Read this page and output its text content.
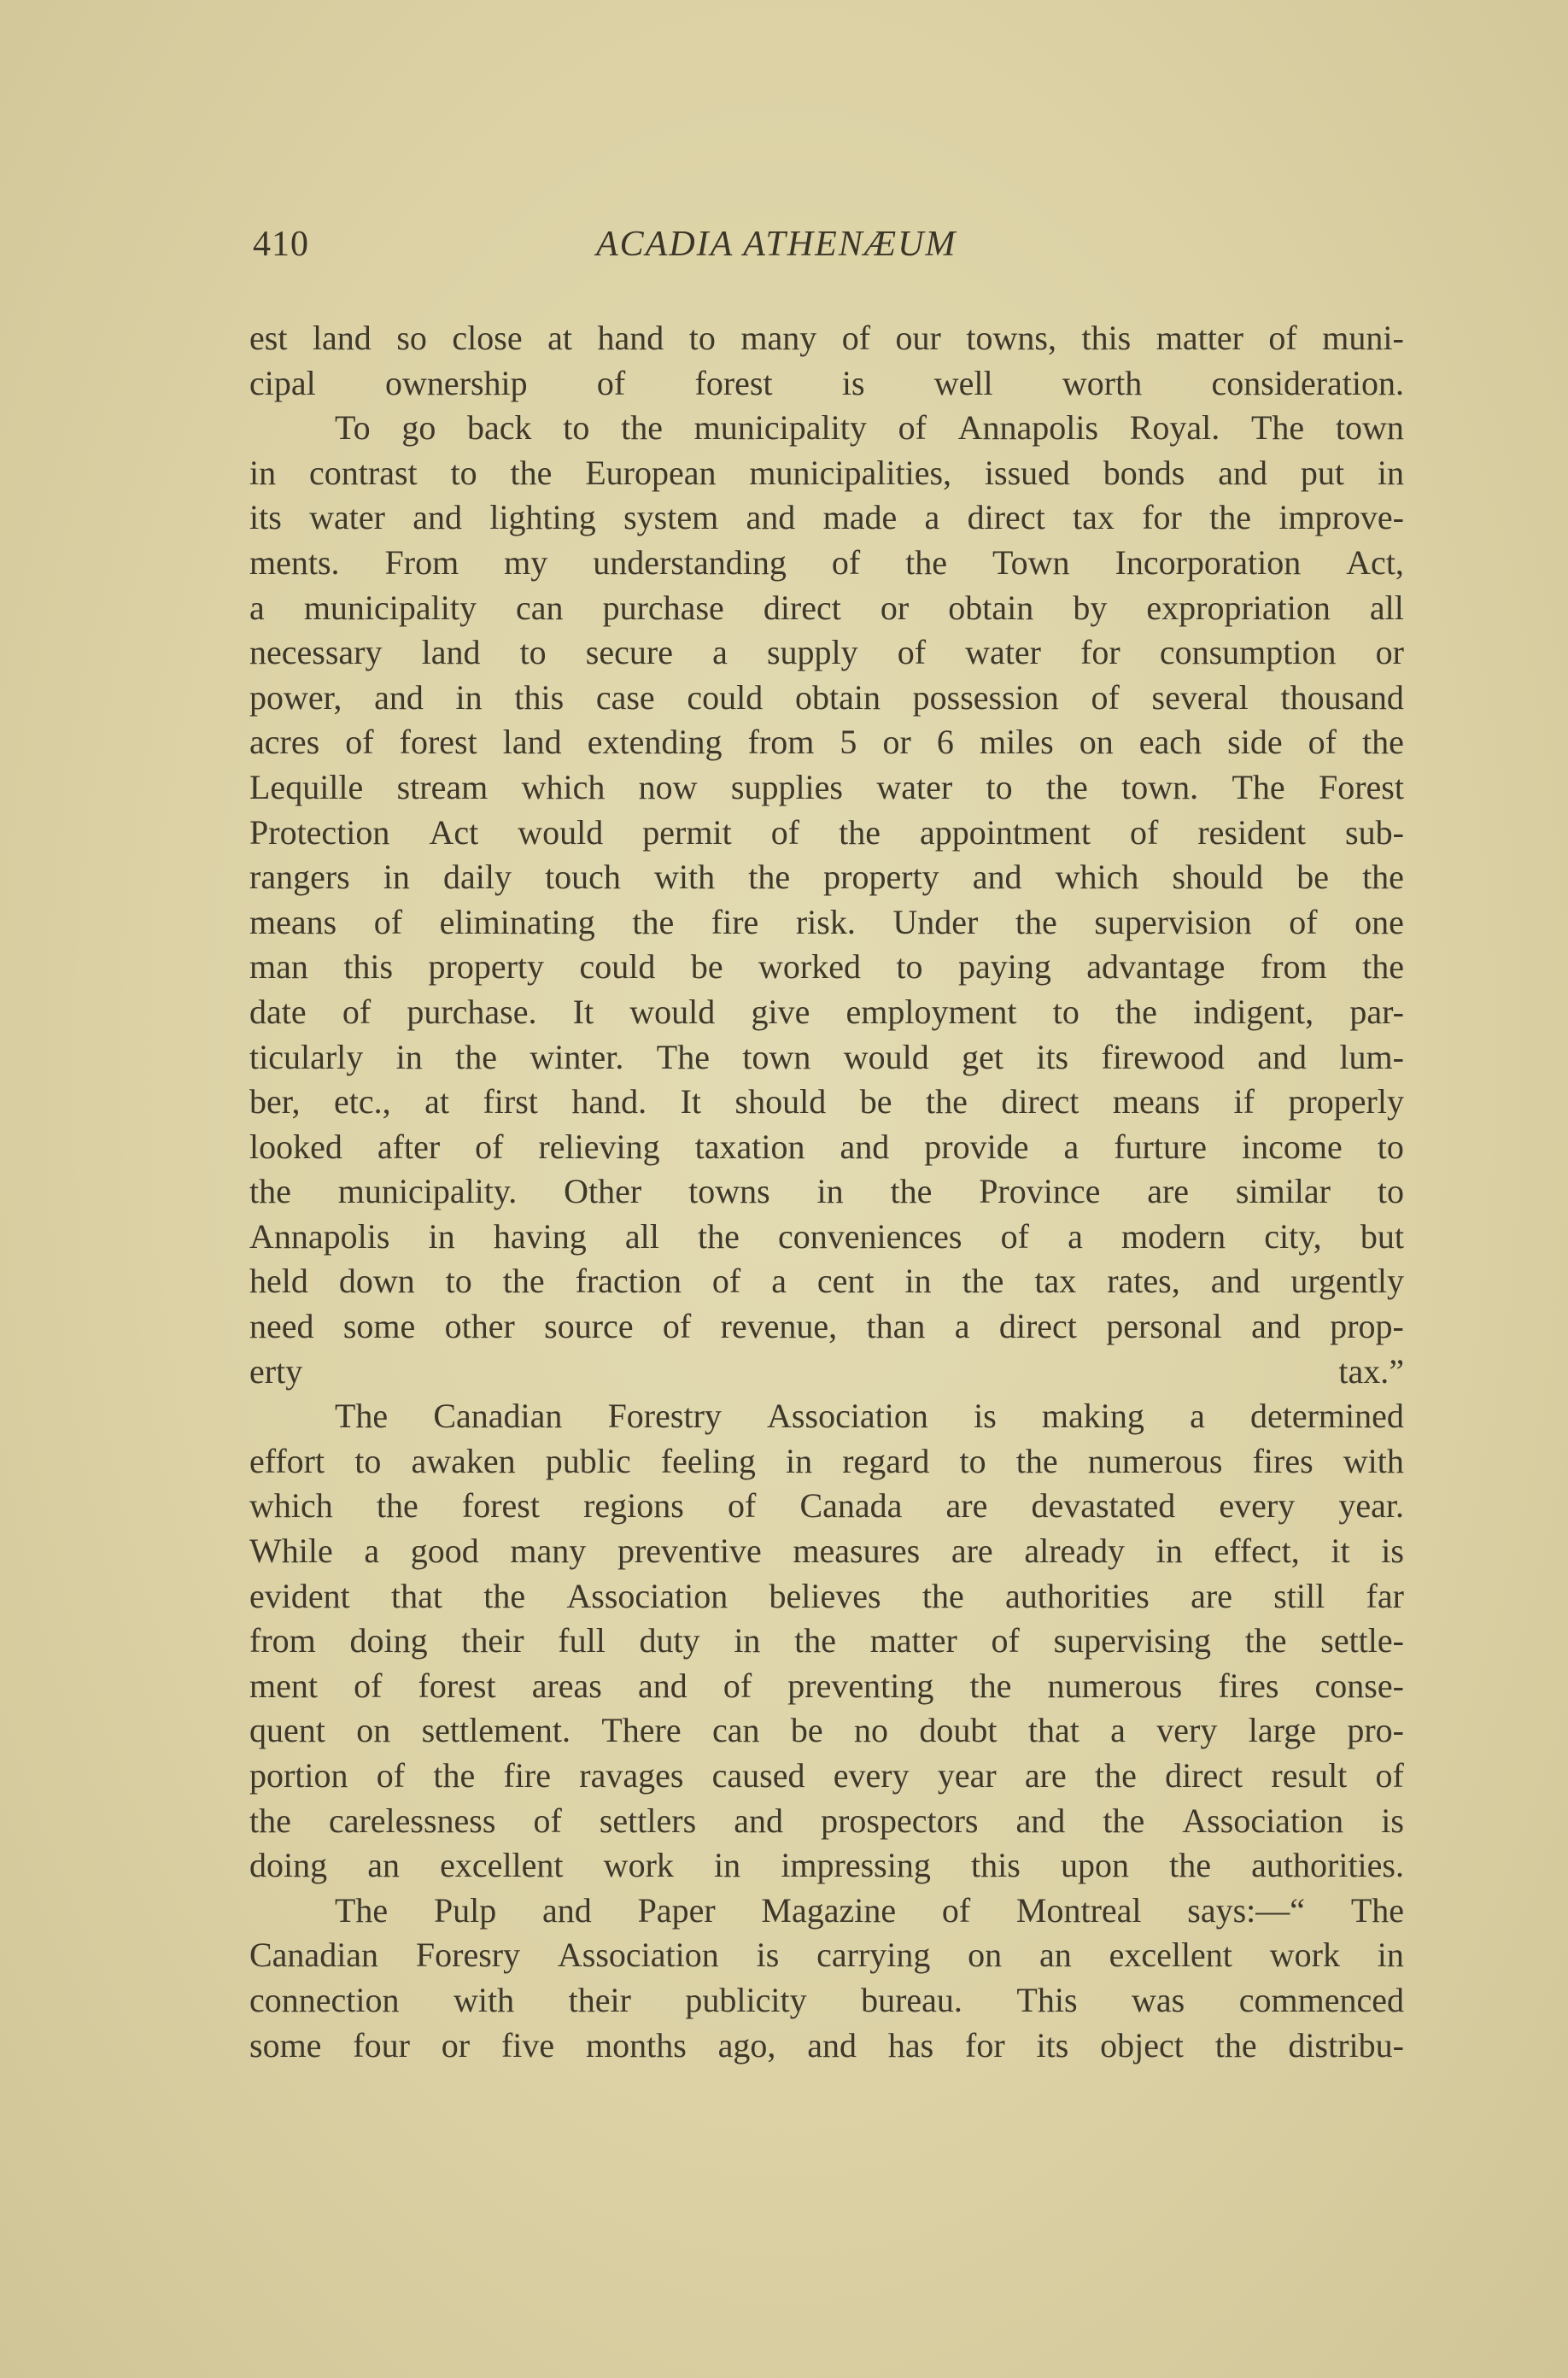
410	ACADIA ATHENÆUM
est land so close at hand to many of our towns, this matter of muni-
cipal ownership of forest is well worth consideration.
To go back to the municipality of Annapolis Royal. The town
in contrast to the European municipalities, issued bonds and put in
its water and lighting system and made a direct tax for the improve-
ments. From my understanding of the Town Incorporation Act,
a municipality can purchase direct or obtain by expropriation all
necessary land to secure a supply of water for consumption or
power, and in this case could obtain possession of several thousand
acres of forest land extending from 5 or 6 miles on each side of the
Lequille stream which now supplies water to the town. The Forest
Protection Act would permit of the appointment of resident sub-
rangers in daily touch with the property and which should be the
means of eliminating the fire risk. Under the supervision of one
man this property could be worked to paying advantage from the
date of purchase. It would give employment to the indigent, par-
ticularly in the winter. The town would get its firewood and lum-
ber, etc., at first hand. It should be the direct means if properly
looked after of relieving taxation and provide a furture income to
the municipality. Other towns in the Province are similar to
Annapolis in having all the conveniences of a modern city, but
held down to the fraction of a cent in the tax rates, and urgently
need some other source of revenue, than a direct personal and prop-
erty tax.”
The Canadian Forestry Association is making a determined
effort to awaken public feeling in regard to the numerous fires with
which the forest regions of Canada are devastated every year.
While a good many preventive measures are already in effect, it is
evident that the Association believes the authorities are still far
from doing their full duty in the matter of supervising the settle-
ment of forest areas and of preventing the numerous fires conse-
quent on settlement. There can be no doubt that a very large pro-
portion of the fire ravages caused every year are the direct result of
the carelessness of settlers and prospectors and the Association is
doing an excellent work in impressing this upon the authorities.
The Pulp and Paper Magazine of Montreal says:—“ The
Canadian Foresry Association is carrying on an excellent work in
connection with their publicity bureau. This was commenced
some four or five months ago, and has for its object the distribu-
